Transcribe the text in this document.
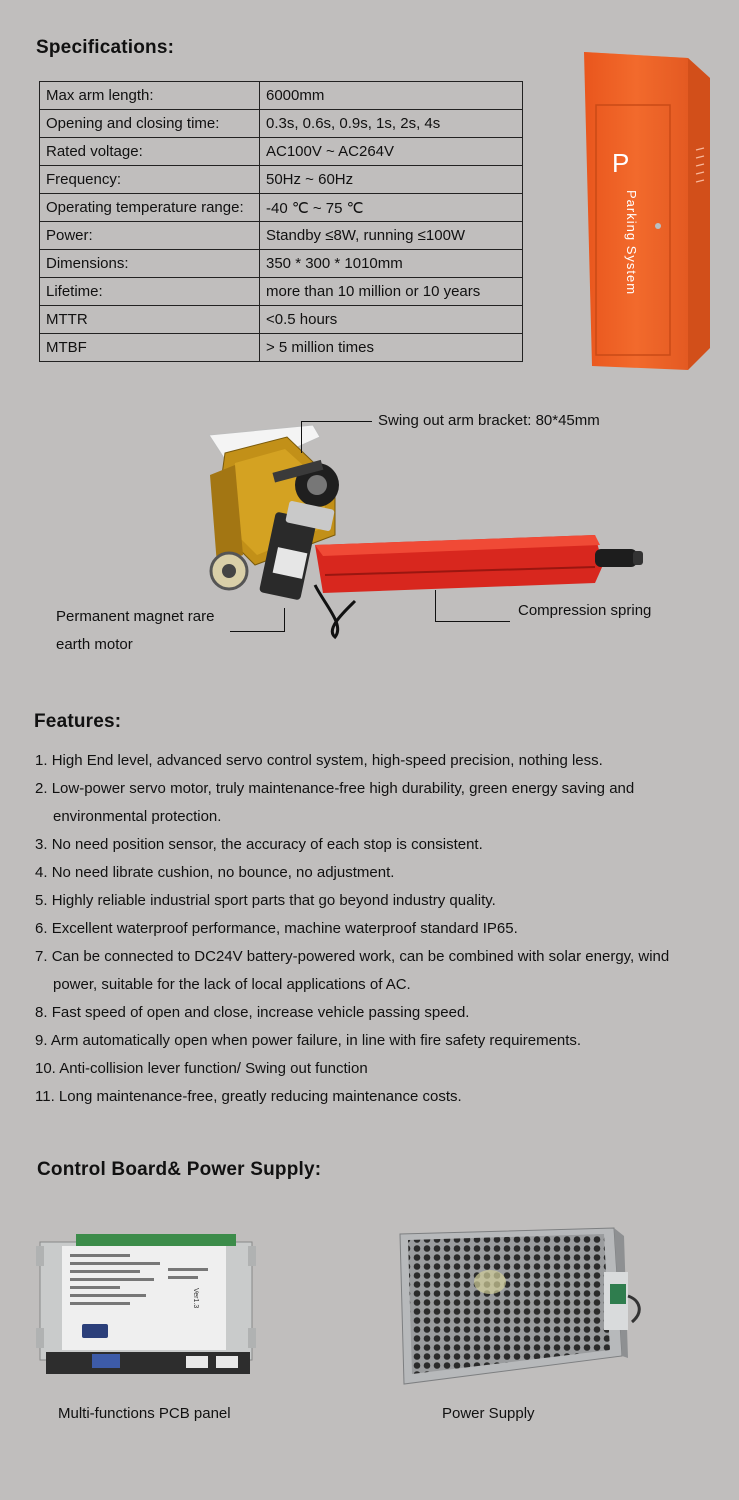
Specifications:
Max arm length:	6000mm
Opening and closing time:	0.3s, 0.6s, 0.9s, 1s, 2s, 4s
Rated voltage:	AC100V ~ AC264V
Frequency:	50Hz ~ 60Hz
Operating temperature range:	-40 ℃ ~ 75 ℃
Power:	Standby ≤8W, running ≤100W
Dimensions:	350 * 300 * 1010mm
Lifetime:	more than 10 million or 10 years
MTTR	<0.5 hours
MTBF	> 5 million times
P
Parking System
Swing out arm bracket: 80*45mm
Compression spring
Permanent magnet rare
earth motor
Features:
1. High End level, advanced servo control system, high-speed precision, nothing less.
2. Low-power servo motor, truly maintenance-free high durability, green energy saving and
environmental protection.
3. No need position sensor, the accuracy of each stop is consistent.
4. No need librate cushion, no bounce, no adjustment.
5. Highly reliable industrial sport parts that go beyond industry quality.
6. Excellent waterproof performance, machine waterproof standard IP65.
7. Can be connected to DC24V battery-powered work, can be combined with solar energy, wind
power, suitable for the lack of local applications of AC.
8. Fast speed of open and close, increase vehicle passing speed.
9. Arm automatically open when power failure, in line with fire safety requirements.
10. Anti-collision lever function/ Swing out function
11. Long maintenance-free, greatly reducing maintenance costs.
Control Board& Power Supply:
Ver1.3
Multi-functions PCB panel	Power Supply
